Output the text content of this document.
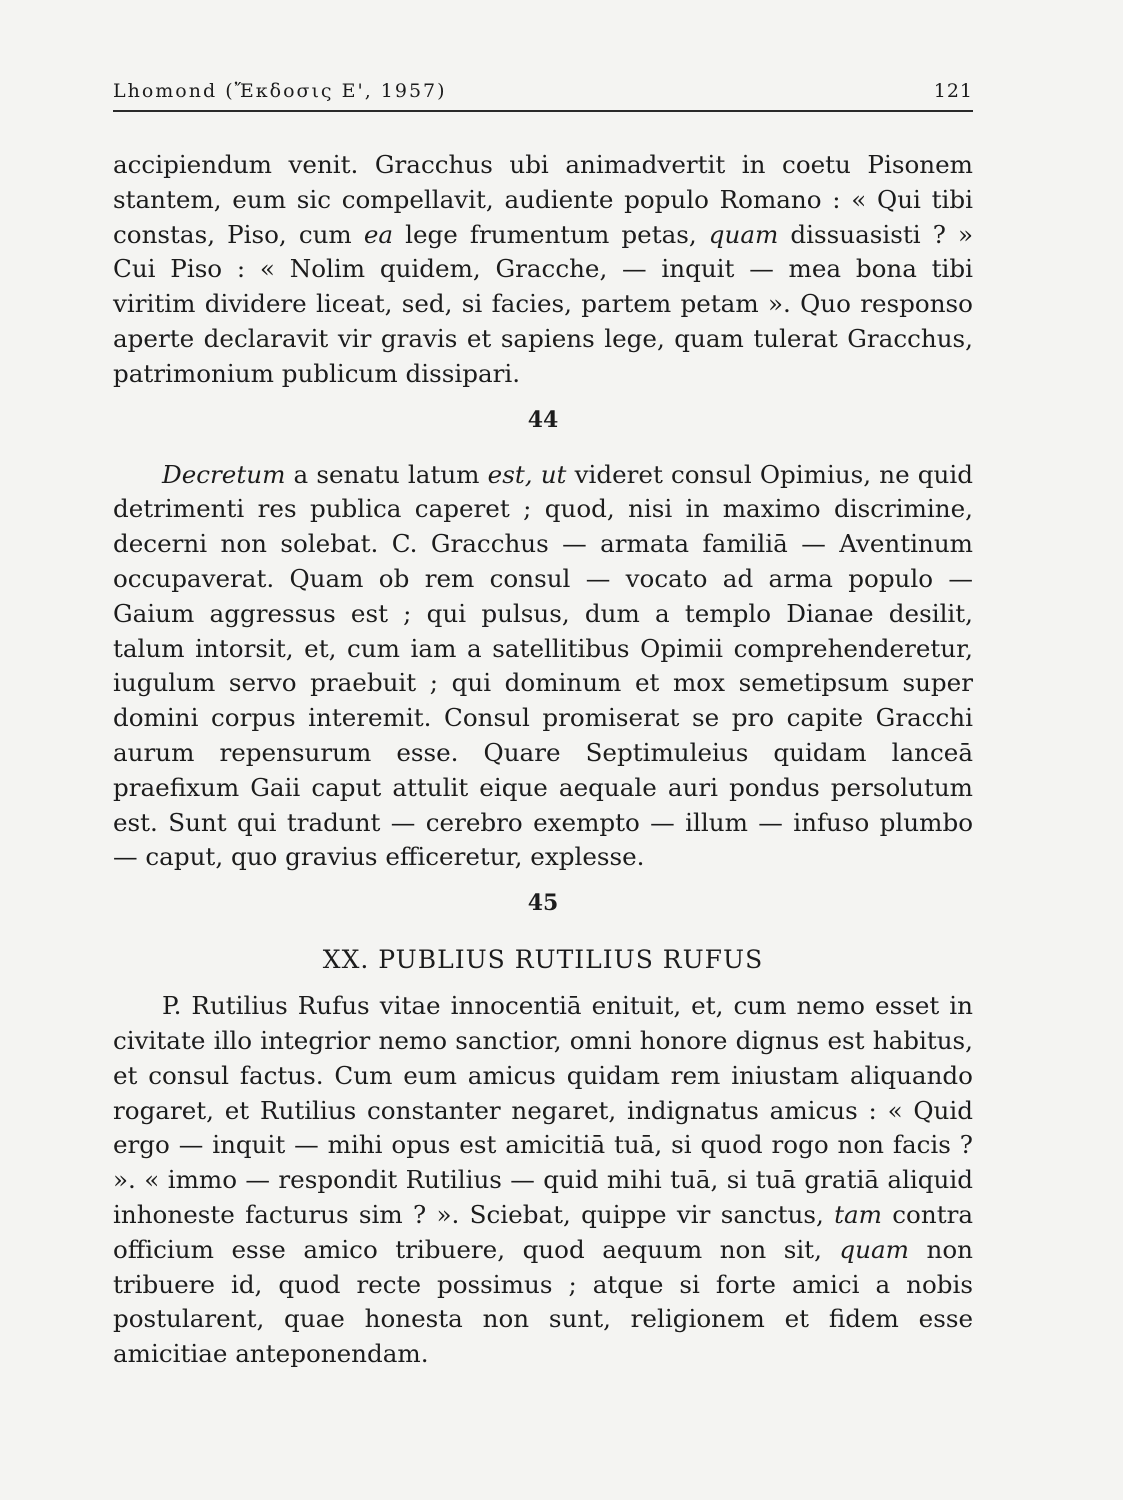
Lhomond (Ἔκδοσις Ε', 1957)	121

accipiendum venit. Gracchus ubi animadvertit in coetu Pisonem stantem, eum sic compellavit, audiente populo Romano : « Qui tibi constas, Piso, cum ea lege frumentum petas, quam dissuasisti ? » Cui Piso : « Nolim quidem, Gracche, — inquit — mea bona tibi viritim dividere liceat, sed, si facies, partem petam ». Quo responso aperte declaravit vir gravis et sapiens lege, quam tulerat Gracchus, patrimonium publicum dissipari.

44

Decretum a senatu latum est, ut videret consul Opimius, ne quid detrimenti res publica caperet ; quod, nisi in maximo discrimine, decerni non solebat. C. Gracchus — armata familiā — Aventinum occupaverat. Quam ob rem consul — vocato ad arma populo — Gaium aggressus est ; qui pulsus, dum a templo Dianae desilit, talum intorsit, et, cum iam a satellitibus Opimii comprehenderetur, iugulum servo praebuit ; qui dominum et mox semetipsum super domini corpus interemit. Consul promiserat se pro capite Gracchi aurum repensurum esse. Quare Septimuleius quidam lanceā praefixum Gaii caput attulit eique aequale auri pondus persolutum est. Sunt qui tradunt — cerebro exempto — illum — infuso plumbo — caput, quo gravius efficeretur, explesse.

45
XX. PUBLIUS RUTILIUS RUFUS

P. Rutilius Rufus vitae innocentiā enituit, et, cum nemo esset in civitate illo integrior nemo sanctior, omni honore dignus est habitus, et consul factus. Cum eum amicus quidam rem iniustam aliquando rogaret, et Rutilius constanter negaret, indignatus amicus : « Quid ergo — inquit — mihi opus est amicitiā tuā, si quod rogo non facis ? ». « immo — respondit Rutilius — quid mihi tuā, si tuā gratiā aliquid inhoneste facturus sim ? ». Sciebat, quippe vir sanctus, tam contra officium esse amico tribuere, quod aequum non sit, quam non tribuere id, quod recte possimus ; atque si forte amici a nobis postularent, quae honesta non sunt, religionem et fidem esse amicitiae anteponendam.
